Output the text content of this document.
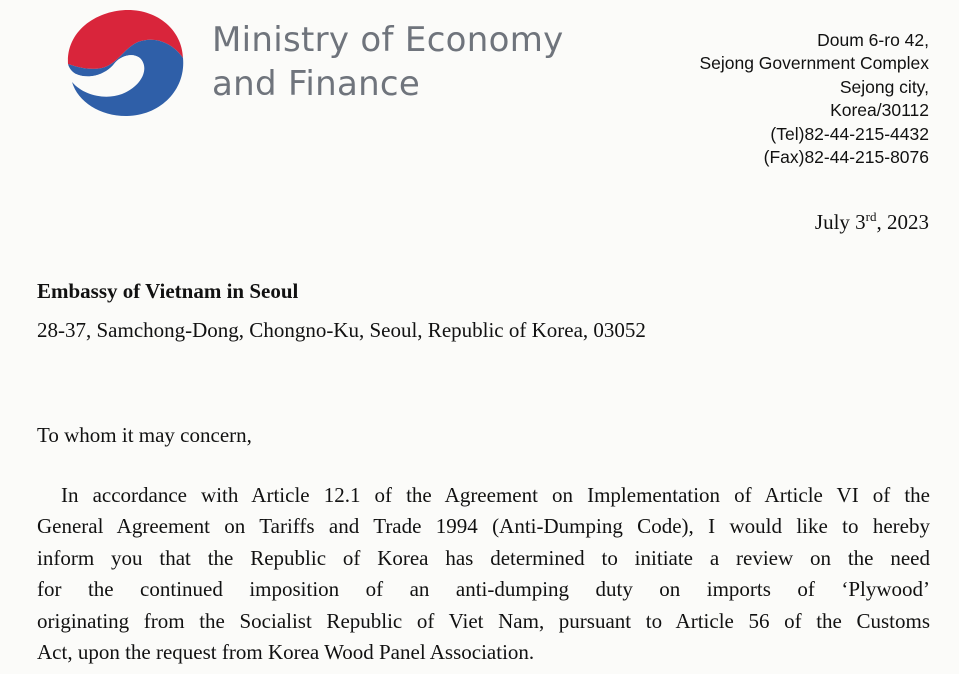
Ministry of Economy
and Finance
Doum 6-ro 42,
Sejong Government Complex
Sejong city,
Korea/30112
(Tel)82-44-215-4432
(Fax)82-44-215-8076
July 3rd, 2023
Embassy of Vietnam in Seoul
28-37, Samchong-Dong, Chongno-Ku, Seoul, Republic of Korea, 03052
To whom it may concern,
In accordance with Article 12.1 of the Agreement on Implementation of Article VI of the
General Agreement on Tariffs and Trade 1994 (Anti-Dumping Code), I would like to hereby
inform you that the Republic of Korea has determined to initiate a review on the need
for the continued imposition of an anti-dumping duty on imports of ‘Plywood’
originating from the Socialist Republic of Viet Nam, pursuant to Article 56 of the Customs
Act, upon the request from Korea Wood Panel Association.
